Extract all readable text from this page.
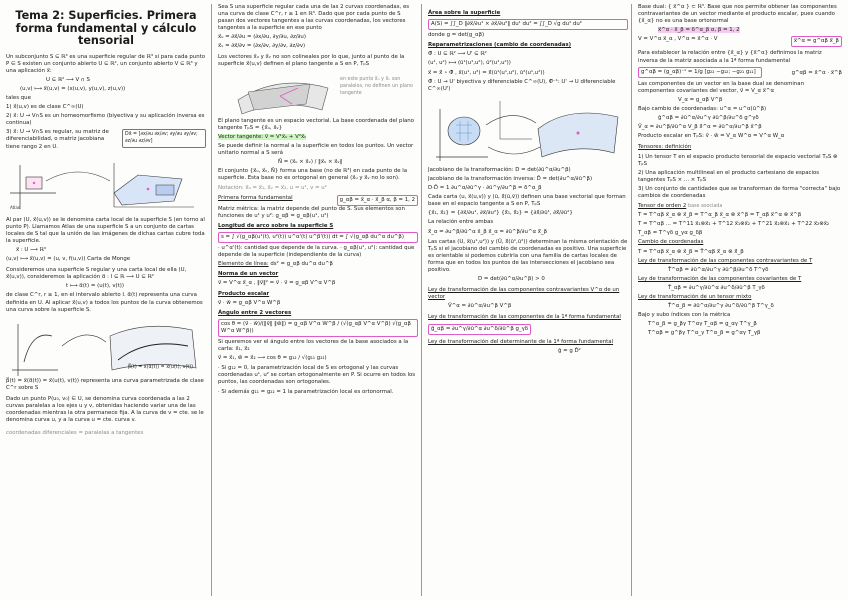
Tema 2: Superficies. Primera forma fundamental y cálculo tensorial

Un subconjunto S ⊆ ℝ³ es una superficie regular de ℝ³ si para cada punto P ∈ S existen un conjunto abierto U ⊆ ℝ², un conjunto abierto V ⊆ ℝ³ y una aplicación x⃗:

U ⊆ ℝ² ⟶ V ∩ S

(u,v) ⟼ x⃗(u,v) = (x(u,v), y(u,v), z(u,v))

tales que

1) x⃗(u,v) es de clase C^∞(U)

2) x⃗: U → V∩S es un homeomorfismo (biyectiva y su aplicación inversa es continua)

Dx⃗ = [∂x/∂u ∂x/∂v; ∂y/∂u ∂y/∂v; ∂z/∂u ∂z/∂v]

3) x⃗: U → V∩S es regular, su matriz de diferenciabilidad, o matriz jacobiana tiene rango 2 en U.

Atlas

Al par (U, x⃗(u,v)) se le denomina carta local de la superficie S (en torno al punto P). Llamamos Atlas de una superficie S a un conjunto de cartas locales de S tal que la unión de las imágenes de dichas cartas cubre toda la superficie.

x⃗ : U ⟶ ℝ³

(u,v) ⟼ x⃗(u,v) = (u, v, f(u,v)) Carta de Monge

Consideremos una superficie S regular y una carta local de ella (U, x⃗(u,v)), consideremos la aplicación α⃗ : I ⊆ ℝ ⟶ U ⊆ ℝ²

t ⟼ α⃗(t) = (u(t), v(t))

de clase C^r, r ≥ 1, en el intervalo abierto I. α⃗(t) representa una curva definida en U. Al aplicar x⃗(u,v) a todos los puntos de la curva obtenemos una curva sobre la superficie S.

β⃗(t) = x⃗(α⃗(t)) = x⃗(u(t), v(t))

β⃗(t) = x⃗(α⃗(t)) = x⃗(u(t), v(t)) representa una curva parametrizada de clase C^r sobre S

Dado un punto P(u₀, v₀) ∈ U, se denomina curva coordenada a las 2 curvas paralelas a los ejes u y v, obtenidas haciendo variar una de las coordenadas mientras la otra permanece fija. A la curva de v = cte. se le denomina curva u, y a la curva u = cte. curva v.

coordenadas diferenciales = paralelas a tangentes

Sea S una superficie regular cada una de las 2 curvas coordenadas, es una curva de clase C^r, r ≥ 1 en ℝ³. Dado que por cada punto de S pasan dos vectores tangentes a las curvas coordenadas, los vectores tangentes a la superficie en ese punto

x⃗ᵤ = ∂x⃗/∂u = (∂x/∂u, ∂y/∂u, ∂z/∂u)

x⃗ᵥ = ∂x⃗/∂v = (∂x/∂v, ∂y/∂v, ∂z/∂v)

Los vectores x⃗ᵤ y x⃗ᵥ no son colineales por lo que, junto al punto de la superficie x⃗(u,v) definen el plano tangente a S en P, TₚS

en este punto x⃗ᵤ y x⃗ᵥ son paralelos, no definen un plano tangente

El plano tangente es un espacio vectorial. La base coordenada del plano tangente TₚS = {x⃗ᵤ, x⃗ᵥ}

Vector tangente: v⃗ = V¹x⃗ᵤ + V²x⃗ᵥ

Se puede definir la normal a la superficie en todos los puntos. Un vector unitario normal a S será

N⃗ = (x⃗ᵤ × x⃗ᵥ) / ‖x⃗ᵤ × x⃗ᵥ‖

El conjunto {x⃗ᵤ, x⃗ᵥ, N⃗} forma una base (no de ℝ³) en cada punto de la superficie. Esta base no es ortogonal en general (x⃗ᵤ y x⃗ᵥ no lo son).

Notación: x⃗ᵤ = x⃗₁, x⃗ᵥ = x⃗₂, u = u¹, v = u²

g_αβ = x⃗_α · x⃗_β α, β = 1, 2
Primera forma fundamental

Matriz métrica: la matriz depende del punto de S. Sus elementos son funciones de u¹ y u²: g_αβ = g_αβ(u¹, u²)

Longitud de arco sobre la superficie S

s = ∫ √(g_αβ(u¹(t), u²(t)) u^α'(t) u^β'(t)) dt = ∫ √(g_αβ du^α du^β)

· u^α'(t): cantidad que depende de la curva. · g_αβ(u¹, u²): cantidad que depende de la superficie (independiente de la curva)

Elemento de línea: ds² = g_αβ du^α du^β

Norma de un vector

v⃗ = V^α x⃗_α , ‖v⃗‖² = v⃗ · v⃗ = g_αβ V^α V^β

Producto escalar

v⃗ · w⃗ = g_αβ V^α W^β

Ángulo entre 2 vectores

cos θ = (v⃗ · w⃗)/(‖v⃗‖ ‖w⃗‖) = g_αβ V^α W^β / (√(g_αβ V^α V^β) √(g_αβ W^α W^β))

Si queremos ver el ángulo entre los vectores de la base asociados a la carta: x⃗₁, x⃗₂

v⃗ = x⃗₁, w⃗ = x⃗₂ ⟶ cos θ = g₁₂ / √(g₁₁ g₂₂)

· Si g₁₂ = 0, la parametrización local de S es ortogonal y las curvas coordenadas u¹, u² se cortan ortogonalmente en P. Si ocurre en todos los puntos, las coordenadas son ortogonales.

· Si además g₁₁ = g₂₂ = 1 la parametrización local es ortonormal.

Área sobre la superficie

A(S) = ∫∫_D ‖∂x⃗/∂u¹ × ∂x⃗/∂u²‖ du¹ du² = ∫∫_D √g du¹ du²

donde g = det(g_αβ)

Reparametrizaciones (cambio de coordenadas)

Φ⃗ : U ⊆ ℝ² ⟶ U' ⊆ ℝ²

(u¹, u²) ⟼ (ū¹(u¹,u²), ū²(u¹,u²))

x⃗ = x̄⃗ ∘ Φ⃗ , x⃗(u¹, u²) = x̄⃗(ū¹(u¹,u²), ū²(u¹,u²))

Φ⃗ : U → U' biyectiva y diferenciable C^∞(U), Φ⃗⁻¹: U' → U diferenciable C^∞(U')

Jacobiano de la transformación: D = det(∂ū^α/∂u^β)

Jacobiano de la transformación inversa: D̄ = det(∂u^α/∂ū^β)

D·D̄ = 1 ∂u^α/∂ū^γ · ∂ū^γ/∂u^β = δ^α_β

Cada carta (u, x⃗(u,v)) y (ū, x̄⃗(ū,v̄)) definen una base vectorial que forman base en el espacio tangente a S en P, TₚS

{x⃗₁, x⃗₂} = {∂x⃗/∂u¹, ∂x⃗/∂u²} {x̄⃗₁, x̄⃗₂} = {∂x̄⃗/∂ū¹, ∂x̄⃗/∂ū²}

La relación entre ambas

x̄⃗_α = ∂u^β/∂ū^α x⃗_β x⃗_α = ∂ū^β/∂u^α x̄⃗_β

Las cartas (U, x⃗(u¹,u²)) y (Ū, x̄⃗(ū¹,ū²)) determinan la misma orientación de TₚS si el jacobiano del cambio de coordenadas es positivo. Una superficie es orientable si podemos cubrirla con una familia de cartas locales de forma que en todos los puntos de las intersecciones el jacobiano sea positivo.

D = det(∂ū^α/∂u^β) > 0

Ley de transformación de las componentes contravariantes V^α de un vector

V̄^α = ∂ū^α/∂u^β V^β

Ley de transformación de las componentes de la 1ª forma fundamental

ḡ_αβ = ∂u^γ/∂ū^α ∂u^δ/∂ū^β g_γδ

Ley de transformación del determinante de la 1ª forma fundamental

ḡ = g D̄²

Base dual: { x⃗^α } ⊂ ℝ³. Base que nos permite obtener las componentes contravariantes de un vector mediante el producto escalar, pues cuando {x⃗_α} no es una base ortonormal

x⃗^α · x⃗_β = δ^α_β α, β = 1, 2

x⃗^α = g^αβ x⃗_β
V⃗ = V^α x⃗_α , V^α = x⃗^α · V⃗

Para establecer la relación entre {x⃗_α} y {x⃗^α} definimos la matriz inversa de la matriz asociada a la 1ª forma fundamental

g^αβ = (g_αβ)⁻¹ = 1/g [g₂₂ −g₁₂; −g₂₁ g₁₁]	g^αβ = x⃗^α · x⃗^β

Las componentes de un vector en la base dual se denominan componentes covariantes del vector, v⃗ = V_α x⃗^α

V_α = g_αβ V^β

Bajo cambio de coordenadas: u^α = u^α(ū^β)

ḡ^αβ = ∂ū^α/∂u^γ ∂ū^β/∂u^δ g^γδ

V̄_α = ∂u^β/∂ū^α V_β x̄⃗^α = ∂ū^α/∂u^β x⃗^β

Producto escalar en TₚS: v⃗ · w⃗ = V_α W^α = V^α W_α

Tensores: definición

1) Un tensor T en el espacio producto tensorial de espacio vectorial TₚS ⊗ TₚS

2) Una aplicación multilineal en el producto cartesiano de espacios tangentes TₚS × ... × TₚS

3) Un conjunto de cantidades que se transforman de forma "correcta" bajo cambios de coordenadas

Tensor de orden 2 base asociada

T = T^αβ x⃗_α ⊗ x⃗_β = T^α_β x⃗_α ⊗ x⃗^β = T_αβ x⃗^α ⊗ x⃗^β

T = T^αβ ... = T^11 x⃗₁⊗x⃗₁ + T^12 x⃗₁⊗x⃗₂ + T^21 x⃗₂⊗x⃗₁ + T^22 x⃗₂⊗x⃗₂

T_αβ = T^γδ g_γα g_δβ

Cambio de coordenadas

T = T^αβ x⃗_α ⊗ x⃗_β = T̄^αβ x̄⃗_α ⊗ x̄⃗_β

Ley de transformación de las componentes contravariantes de T

T̄^αβ = ∂ū^α/∂u^γ ∂ū^β/∂u^δ T^γδ

Ley de transformación de las componentes covariantes de T

T̄_αβ = ∂u^γ/∂ū^α ∂u^δ/∂ū^β T_γδ

Ley de transformación de un tensor mixto

T̄^α_β = ∂ū^α/∂u^γ ∂u^δ/∂ū^β T^γ_δ

Bajo y subo índices con la métrica

T^α_β = g_βγ T^αγ T_αβ = g_αγ T^γ_β

T^αβ = g^βγ T^α_γ T^α_β = g^αγ T_γβ
